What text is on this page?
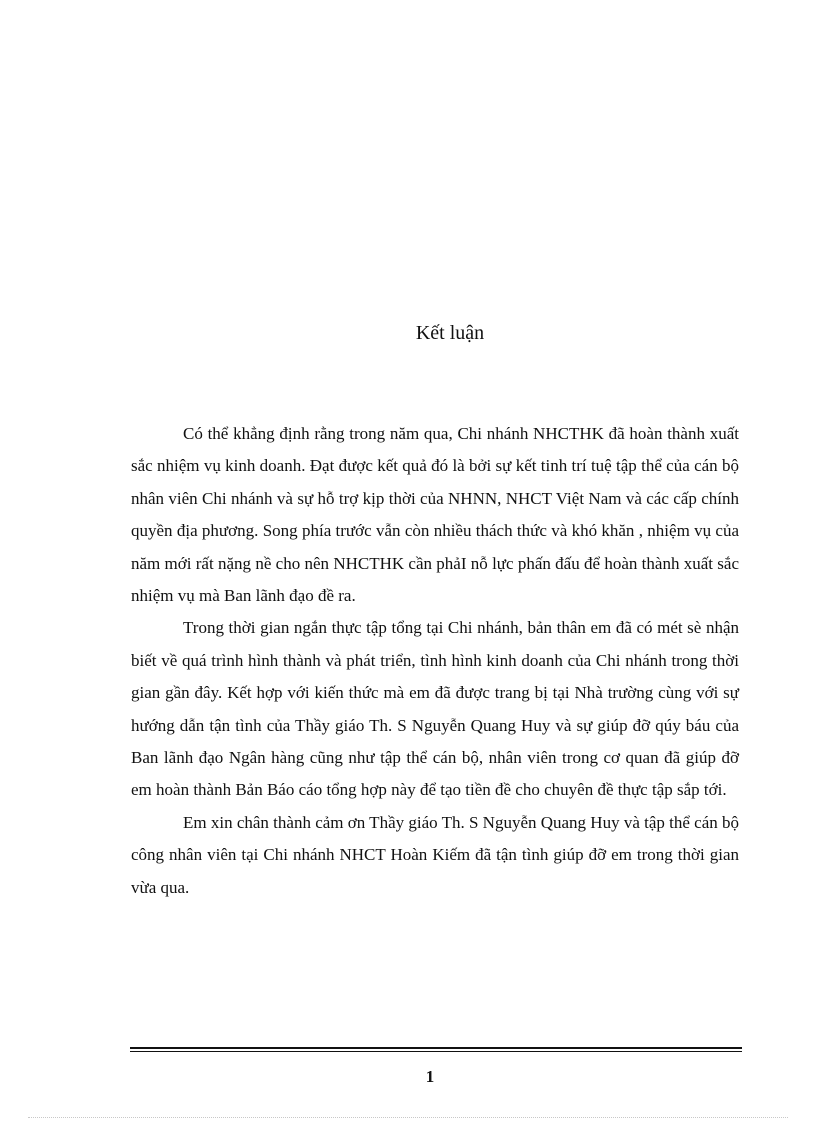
Kết luận

Có thể khẳng định rằng trong năm qua, Chi nhánh NHCTHK đã hoàn thành xuất sắc nhiệm vụ kinh doanh. Đạt được kết quả đó là bởi sự kết tinh trí tuệ tập thể của cán bộ nhân viên Chi nhánh và sự hỗ trợ kịp thời của NHNN, NHCT Việt Nam và các cấp chính quyền địa phương. Song phía trước vẫn còn nhiều thách thức và khó khăn , nhiệm vụ của năm mới rất nặng nề cho nên NHCTHK cần phảI nỗ lực phấn đấu để hoàn thành xuất sắc nhiệm vụ mà Ban lãnh đạo đề ra.

Trong thời gian ngắn thực tập tổng tại Chi nhánh, bản thân em đã có mét sè nhận biết về quá trình hình thành và phát triển, tình hình kinh doanh của Chi nhánh trong thời gian gần đây. Kết hợp với kiến thức mà em đã được trang bị tại Nhà trường cùng với sự hướng dẫn tận tình của Thầy giáo Th. S Nguyễn Quang Huy và sự giúp đỡ qúy báu của Ban lãnh đạo Ngân hàng cũng như tập thể cán bộ, nhân viên trong cơ quan đã giúp đỡ em hoàn thành Bản Báo cáo tổng hợp này để tạo tiền đề cho chuyên đề thực tập sắp tới.

Em xin chân thành cảm ơn Thầy giáo Th. S Nguyễn Quang Huy và tập thể cán bộ công nhân viên tại Chi nhánh NHCT Hoàn Kiếm đã tận tình giúp đỡ em trong thời gian vừa qua.

1
